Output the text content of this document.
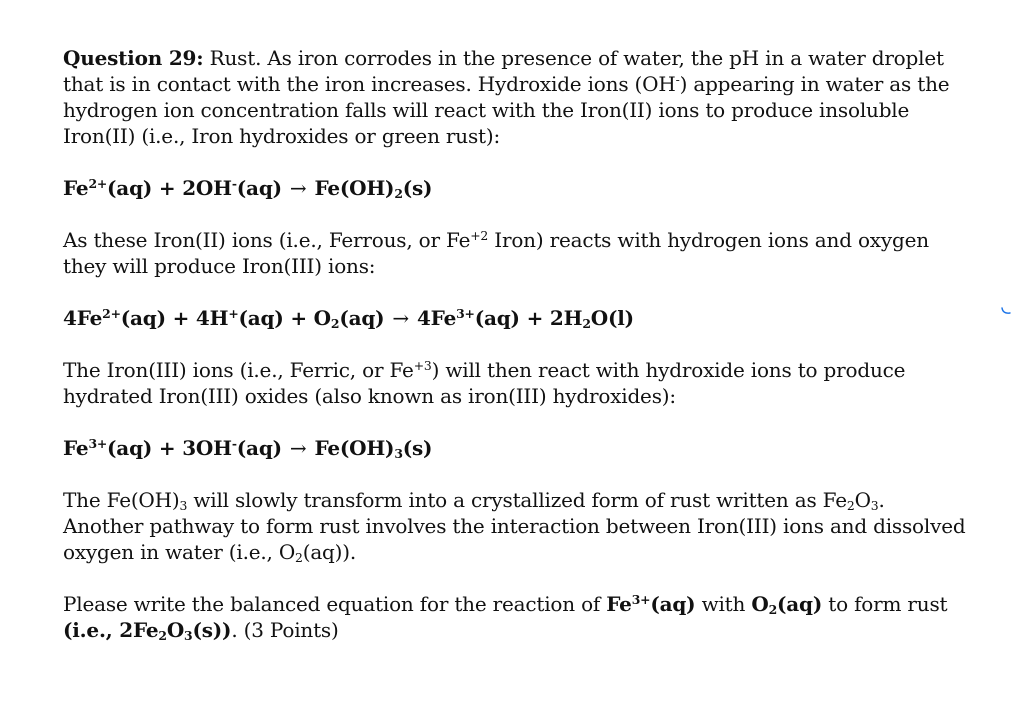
Question 29: Rust. As iron corrodes in the presence of water, the pH in a water droplet that is in contact with the iron increases. Hydroxide ions (OH-) appearing in water as the hydrogen ion concentration falls will react with the Iron(II) ions to produce insoluble Iron(II) (i.e., Iron hydroxides or green rust):

$Fe^{2+}(aq) + 2OH^-(aq) \to Fe(OH)_2(s)$

As these Iron(II) ions (i.e., Ferrous, or $Fe^{+2}$ Iron) reacts with hydrogen ions and oxygen they will produce Iron(III) ions:

$4Fe^{2+}(aq) + 4H^+(aq) + O_2(aq) \to 4Fe^{3+}(aq) + 2H_2O(l)$

The Iron(III) ions (i.e., Ferric, or $Fe^{+3}$) will then react with hydroxide ions to produce hydrated Iron(III) oxides (also known as iron(III) hydroxides):

$Fe^{3+}(aq) + 3OH^-(aq) \to Fe(OH)_3(s)$

The $Fe(OH)_3$ will slowly transform into a crystallized form of rust written as $Fe_2O_3$. Another pathway to form rust involves the interaction between Iron(III) ions and dissolved oxygen in water (i.e., $O_2(aq)$).

Please write the balanced equation for the reaction of $Fe^{3+}(aq)$ with $O_2(aq)$ to form rust (i.e., $2Fe_2O_3(s)$). (3 Points)
